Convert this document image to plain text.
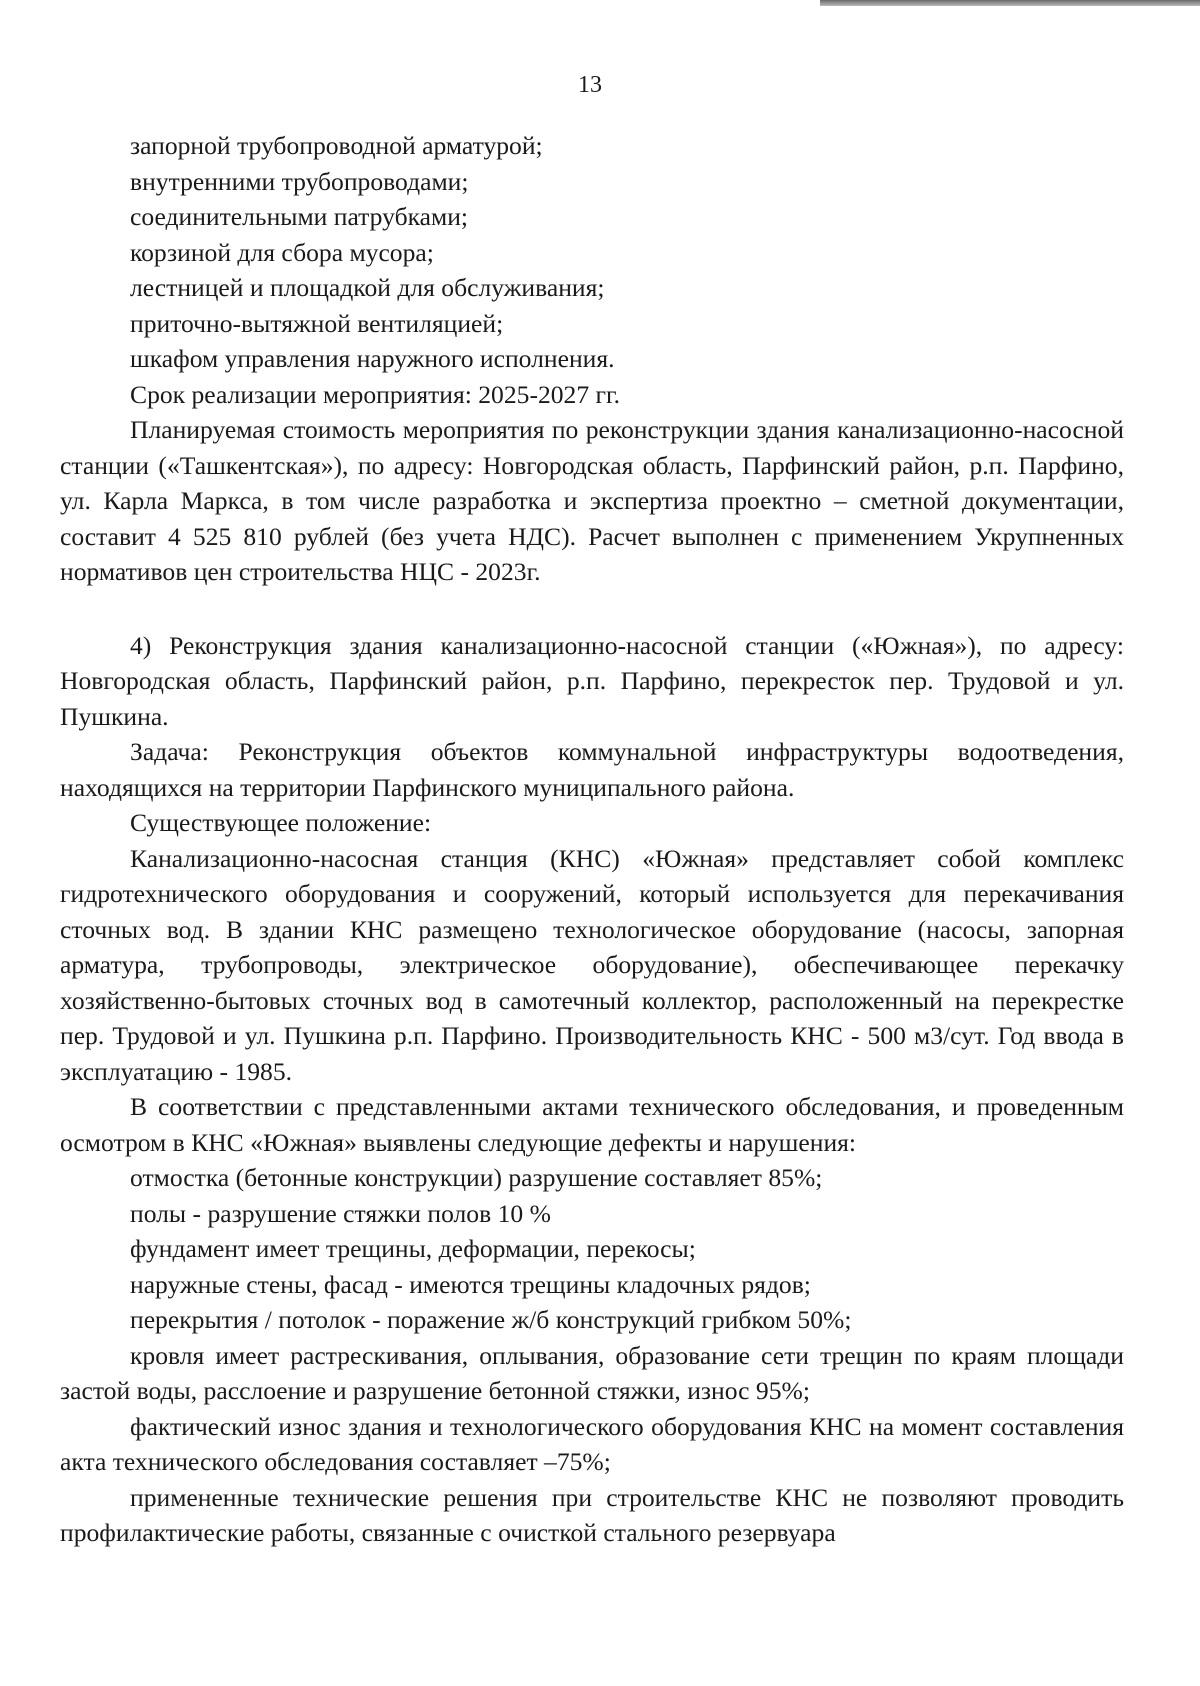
13

запорной трубопроводной арматурой;

внутренними трубопроводами;

соединительными патрубками;

корзиной для сбора мусора;

лестницей и площадкой для обслуживания;

приточно-вытяжной вентиляцией;

шкафом управления наружного исполнения.

Срок реализации мероприятия: 2025-2027 гг.

Планируемая стоимость мероприятия по реконструкции здания канализационно-насосной станции («Ташкентская»), по адресу: Новгородская область, Парфинский район, р.п. Парфино, ул. Карла Маркса, в том числе разработка и экспертиза проектно – сметной документации, составит 4 525 810 рублей (без учета НДС). Расчет выполнен с применением Укрупненных нормативов цен строительства НЦС - 2023г.

4) Реконструкция здания канализационно-насосной станции («Южная»), по адресу: Новгородская область, Парфинский район, р.п. Парфино, перекресток пер. Трудовой и ул. Пушкина.

Задача: Реконструкция объектов коммунальной инфраструктуры водоотведения, находящихся на территории Парфинского муниципального района.

Существующее положение:

Канализационно-насосная станция (КНС) «Южная» представляет собой комплекс гидротехнического оборудования и сооружений, который используется для перекачивания сточных вод. В здании КНС размещено технологическое оборудование (насосы, запорная арматура, трубопроводы, электрическое оборудование), обеспечивающее перекачку хозяйственно-бытовых сточных вод в самотечный коллектор, расположенный на перекрестке пер. Трудовой и ул. Пушкина р.п. Парфино. Производительность КНС - 500 м3/сут. Год ввода в эксплуатацию - 1985.

В соответствии с представленными актами технического обследования, и проведенным осмотром в КНС «Южная» выявлены следующие дефекты и нарушения:

отмостка (бетонные конструкции) разрушение составляет 85%;

полы - разрушение стяжки полов 10 %

фундамент имеет трещины, деформации, перекосы;

наружные стены, фасад - имеются трещины кладочных рядов;

перекрытия / потолок - поражение ж/б конструкций грибком 50%;

кровля имеет растрескивания, оплывания, образование сети трещин по краям площади застой воды, расслоение и разрушение бетонной стяжки, износ 95%;

фактический износ здания и технологического оборудования КНС на момент составления акта технического обследования составляет –75%;

примененные технические решения при строительстве КНС не позволяют проводить профилактические работы, связанные с очисткой стального резервуара
